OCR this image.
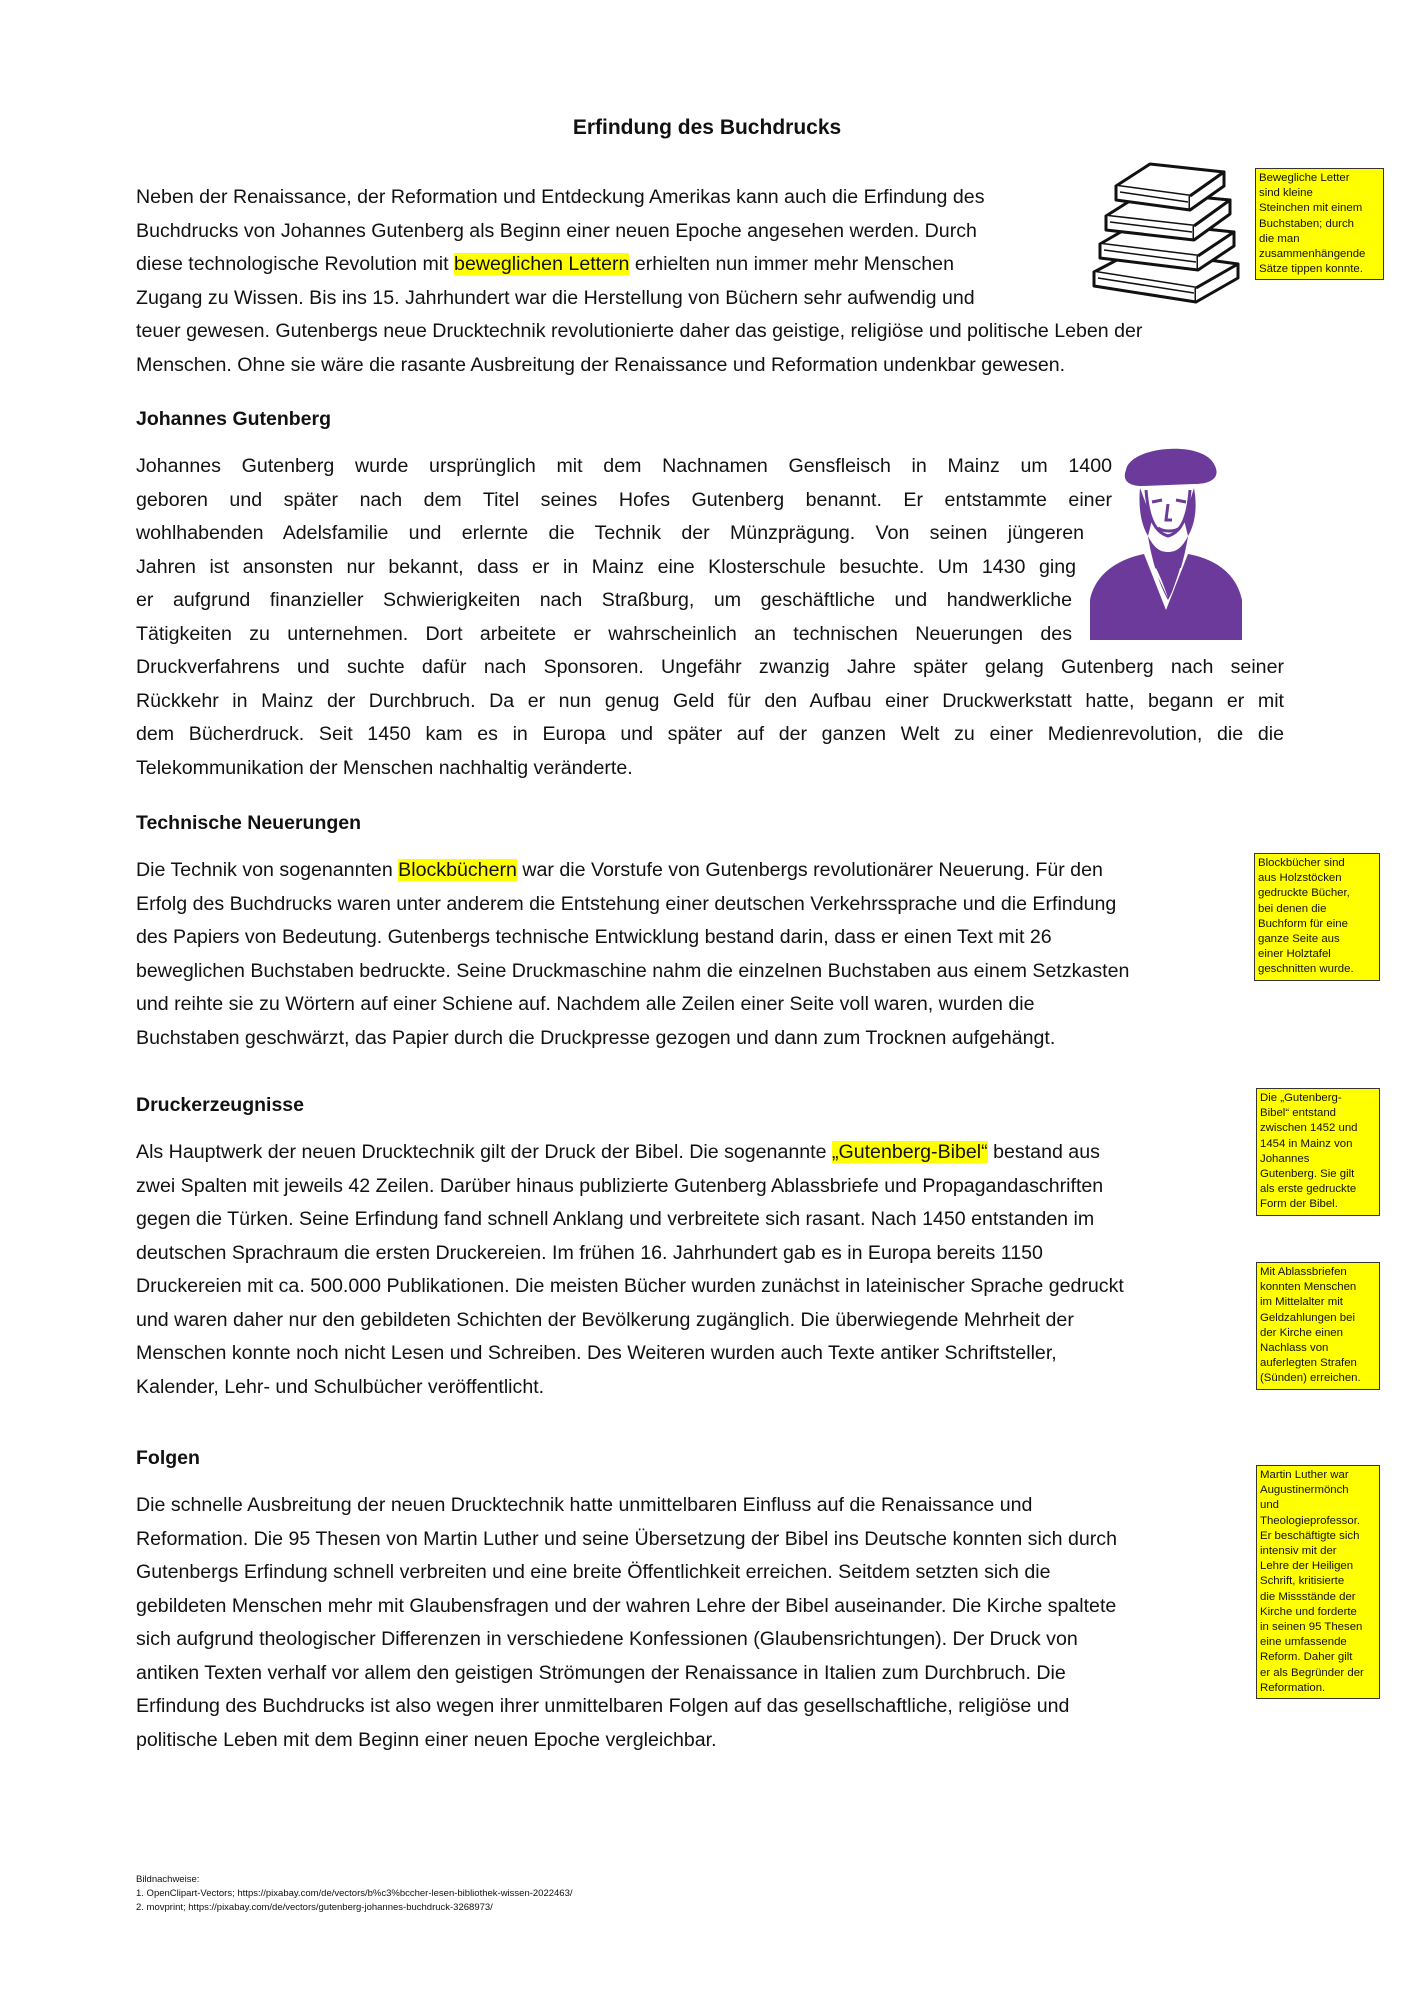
Erfindung des Buchdrucks
Neben der Renaissance, der Reformation und Entdeckung Amerikas kann auch die Erfindung des
Buchdrucks von Johannes Gutenberg als Beginn einer neuen Epoche angesehen werden. Durch
diese technologische Revolution mit beweglichen Lettern erhielten nun immer mehr Menschen
Zugang zu Wissen. Bis ins 15. Jahrhundert war die Herstellung von Büchern sehr aufwendig und
teuer gewesen. Gutenbergs neue Drucktechnik revolutionierte daher das geistige, religiöse und politische Leben der
Menschen. Ohne sie wäre die rasante Ausbreitung der Renaissance und Reformation undenkbar gewesen.
Johannes Gutenberg
Johannes Gutenberg wurde ursprünglich mit dem Nachnamen Gensfleisch in Mainz um 1400
geboren und später nach dem Titel seines Hofes Gutenberg benannt. Er entstammte einer
wohlhabenden Adelsfamilie und erlernte die Technik der Münzprägung. Von seinen jüngeren
Jahren ist ansonsten nur bekannt, dass er in Mainz eine Klosterschule besuchte. Um 1430 ging
er aufgrund finanzieller Schwierigkeiten nach Straßburg, um geschäftliche und handwerkliche
Tätigkeiten zu unternehmen. Dort arbeitete er wahrscheinlich an technischen Neuerungen des
Druckverfahrens und suchte dafür nach Sponsoren. Ungefähr zwanzig Jahre später gelang Gutenberg nach seiner
Rückkehr in Mainz der Durchbruch. Da er nun genug Geld für den Aufbau einer Druckwerkstatt hatte, begann er mit
dem Bücherdruck. Seit 1450 kam es in Europa und später auf der ganzen Welt zu einer Medienrevolution, die die
Telekommunikation der Menschen nachhaltig veränderte.
Technische Neuerungen
Die Technik von sogenannten Blockbüchern war die Vorstufe von Gutenbergs revolutionärer Neuerung. Für den
Erfolg des Buchdrucks waren unter anderem die Entstehung einer deutschen Verkehrssprache und die Erfindung
des Papiers von Bedeutung. Gutenbergs technische Entwicklung bestand darin, dass er einen Text mit 26
beweglichen Buchstaben bedruckte. Seine Druckmaschine nahm die einzelnen Buchstaben aus einem Setzkasten
und reihte sie zu Wörtern auf einer Schiene auf. Nachdem alle Zeilen einer Seite voll waren, wurden die
Buchstaben geschwärzt, das Papier durch die Druckpresse gezogen und dann zum Trocknen aufgehängt.
Druckerzeugnisse
Als Hauptwerk der neuen Drucktechnik gilt der Druck der Bibel. Die sogenannte „Gutenberg-Bibel“ bestand aus
zwei Spalten mit jeweils 42 Zeilen. Darüber hinaus publizierte Gutenberg Ablassbriefe und Propagandaschriften
gegen die Türken. Seine Erfindung fand schnell Anklang und verbreitete sich rasant. Nach 1450 entstanden im
deutschen Sprachraum die ersten Druckereien. Im frühen 16. Jahrhundert gab es in Europa bereits 1150
Druckereien mit ca. 500.000 Publikationen. Die meisten Bücher wurden zunächst in lateinischer Sprache gedruckt
und waren daher nur den gebildeten Schichten der Bevölkerung zugänglich. Die überwiegende Mehrheit der
Menschen konnte noch nicht Lesen und Schreiben. Des Weiteren wurden auch Texte antiker Schriftsteller,
Kalender, Lehr- und Schulbücher veröffentlicht.
Folgen
Die schnelle Ausbreitung der neuen Drucktechnik hatte unmittelbaren Einfluss auf die Renaissance und
Reformation. Die 95 Thesen von Martin Luther und seine Übersetzung der Bibel ins Deutsche konnten sich durch
Gutenbergs Erfindung schnell verbreiten und eine breite Öffentlichkeit erreichen. Seitdem setzten sich die
gebildeten Menschen mehr mit Glaubensfragen und der wahren Lehre der Bibel auseinander. Die Kirche spaltete
sich aufgrund theologischer Differenzen in verschiedene Konfessionen (Glaubensrichtungen). Der Druck von
antiken Texten verhalf vor allem den geistigen Strömungen der Renaissance in Italien zum Durchbruch. Die
Erfindung des Buchdrucks ist also wegen ihrer unmittelbaren Folgen auf das gesellschaftliche, religiöse und
politische Leben mit dem Beginn einer neuen Epoche vergleichbar.
Bewegliche Letter
sind kleine
Steinchen mit einem
Buchstaben; durch
die man
zusammenhängende
Sätze tippen konnte.
Blockbücher sind
aus Holzstöcken
gedruckte Bücher,
bei denen die
Buchform für eine
ganze Seite aus
einer Holztafel
geschnitten wurde.
Die „Gutenberg-
Bibel“ entstand
zwischen 1452 und
1454 in Mainz von
Johannes
Gutenberg. Sie gilt
als erste gedruckte
Form der Bibel.
Mit Ablassbriefen
konnten Menschen
im Mittelalter mit
Geldzahlungen bei
der Kirche einen
Nachlass von
auferlegten Strafen
(Sünden) erreichen.
Martin Luther war
Augustinermönch
und
Theologieprofessor.
Er beschäftigte sich
intensiv mit der
Lehre der Heiligen
Schrift, kritisierte
die Missstände der
Kirche und forderte
in seinen 95 Thesen
eine umfassende
Reform. Daher gilt
er als Begründer der
Reformation.
Bildnachweise:
1. OpenClipart-Vectors; https://pixabay.com/de/vectors/b%c3%bccher-lesen-bibliothek-wissen-2022463/
2. movprint; https://pixabay.com/de/vectors/gutenberg-johannes-buchdruck-3268973/
